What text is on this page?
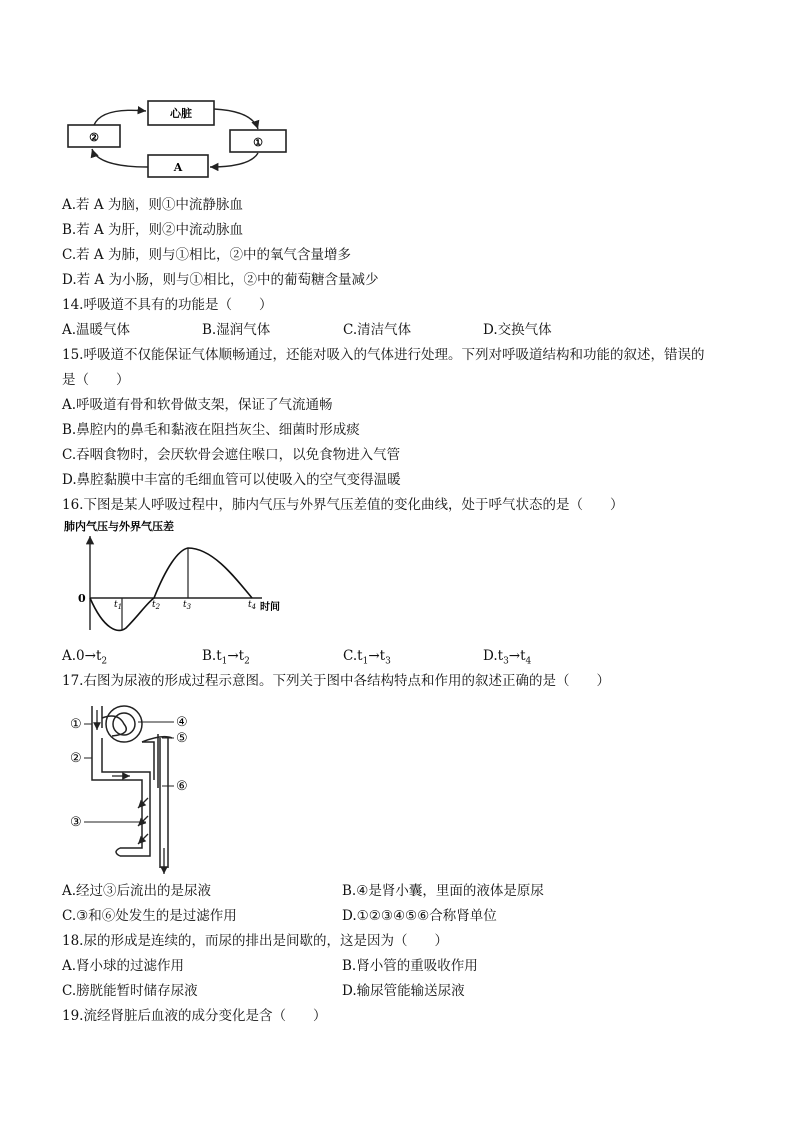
心脏
①
②
A
A.若 A 为脑，则①中流静脉血
B.若 A 为肝，则②中流动脉血
C.若 A 为肺，则与①相比，②中的氧气含量增多
D.若 A 为小肠，则与①相比，②中的葡萄糖含量减少
14.呼吸道不具有的功能是（　　）
A.温暖气体	B.湿润气体	C.清洁气体	D.交换气体
15.呼吸道不仅能保证气体顺畅通过，还能对吸入的气体进行处理。下列对呼吸道结构和功能的叙述，错误的
是（　　）
A.呼吸道有骨和软骨做支架，保证了气流通畅
B.鼻腔内的鼻毛和黏液在阻挡灰尘、细菌时形成痰
C.吞咽食物时，会厌软骨会遮住喉口，以免食物进入气管
D.鼻腔黏膜中丰富的毛细血管可以使吸入的空气变得温暖
16.下图是某人呼吸过程中，肺内气压与外界气压差值的变化曲线，处于呼气状态的是（　　）
肺内气压与外界气压差
0
时间
$t_1$	$t_2$	$t_3$	$t_4$
$A.0\to t_2$	$B.t_1\to t_2$	$C.t_1\to t_3$	$D.t_3\to t_4$
17.右图为尿液的形成过程示意图。下列关于图中各结构特点和作用的叙述正确的是（　　）
①
②
③
④
⑤
⑥
A.经过③后流出的是尿液	B.④是肾小囊，里面的液体是原尿
C.③和⑥处发生的是过滤作用	D.①②③④⑤⑥合称肾单位
18.尿的形成是连续的，而尿的排出是间歇的，这是因为（　　）
A.肾小球的过滤作用	B.肾小管的重吸收作用
C.膀胱能暂时储存尿液	D.输尿管能输送尿液
19.流经肾脏后血液的成分变化是含（　　）
